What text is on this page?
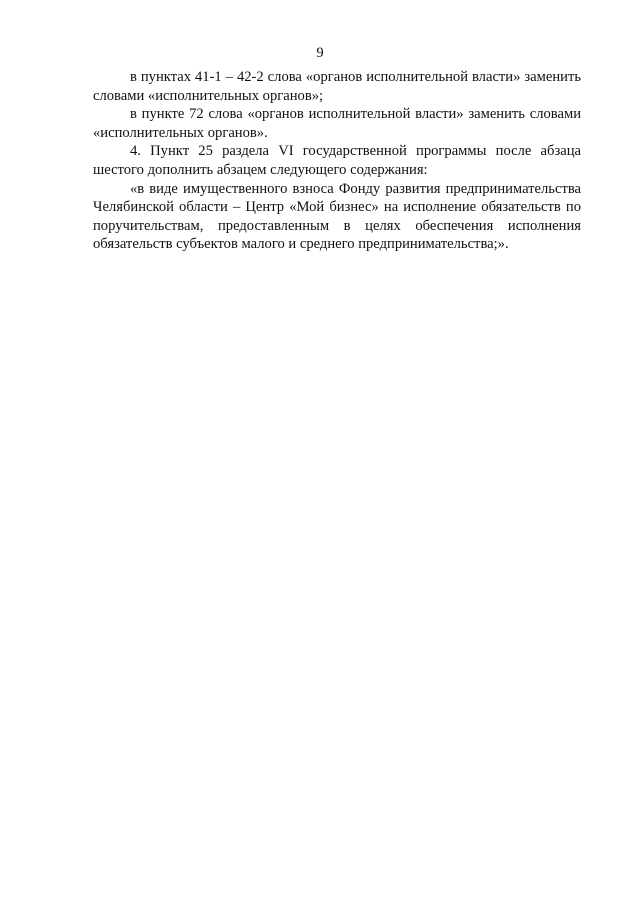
9

в пунктах 41-1 – 42-2 слова «органов исполнительной власти» заменить
словами «исполнительных органов»;

в пункте 72 слова «органов исполнительной власти» заменить словами
«исполнительных органов».

4. Пункт 25 раздела VI государственной программы после абзаца
шестого дополнить абзацем следующего содержания:

«в виде имущественного взноса Фонду развития предпринимательства
Челябинской области – Центр «Мой бизнес» на исполнение обязательств по
поручительствам, предоставленным в целях обеспечения исполнения
обязательств субъектов малого и среднего предпринимательства;».
